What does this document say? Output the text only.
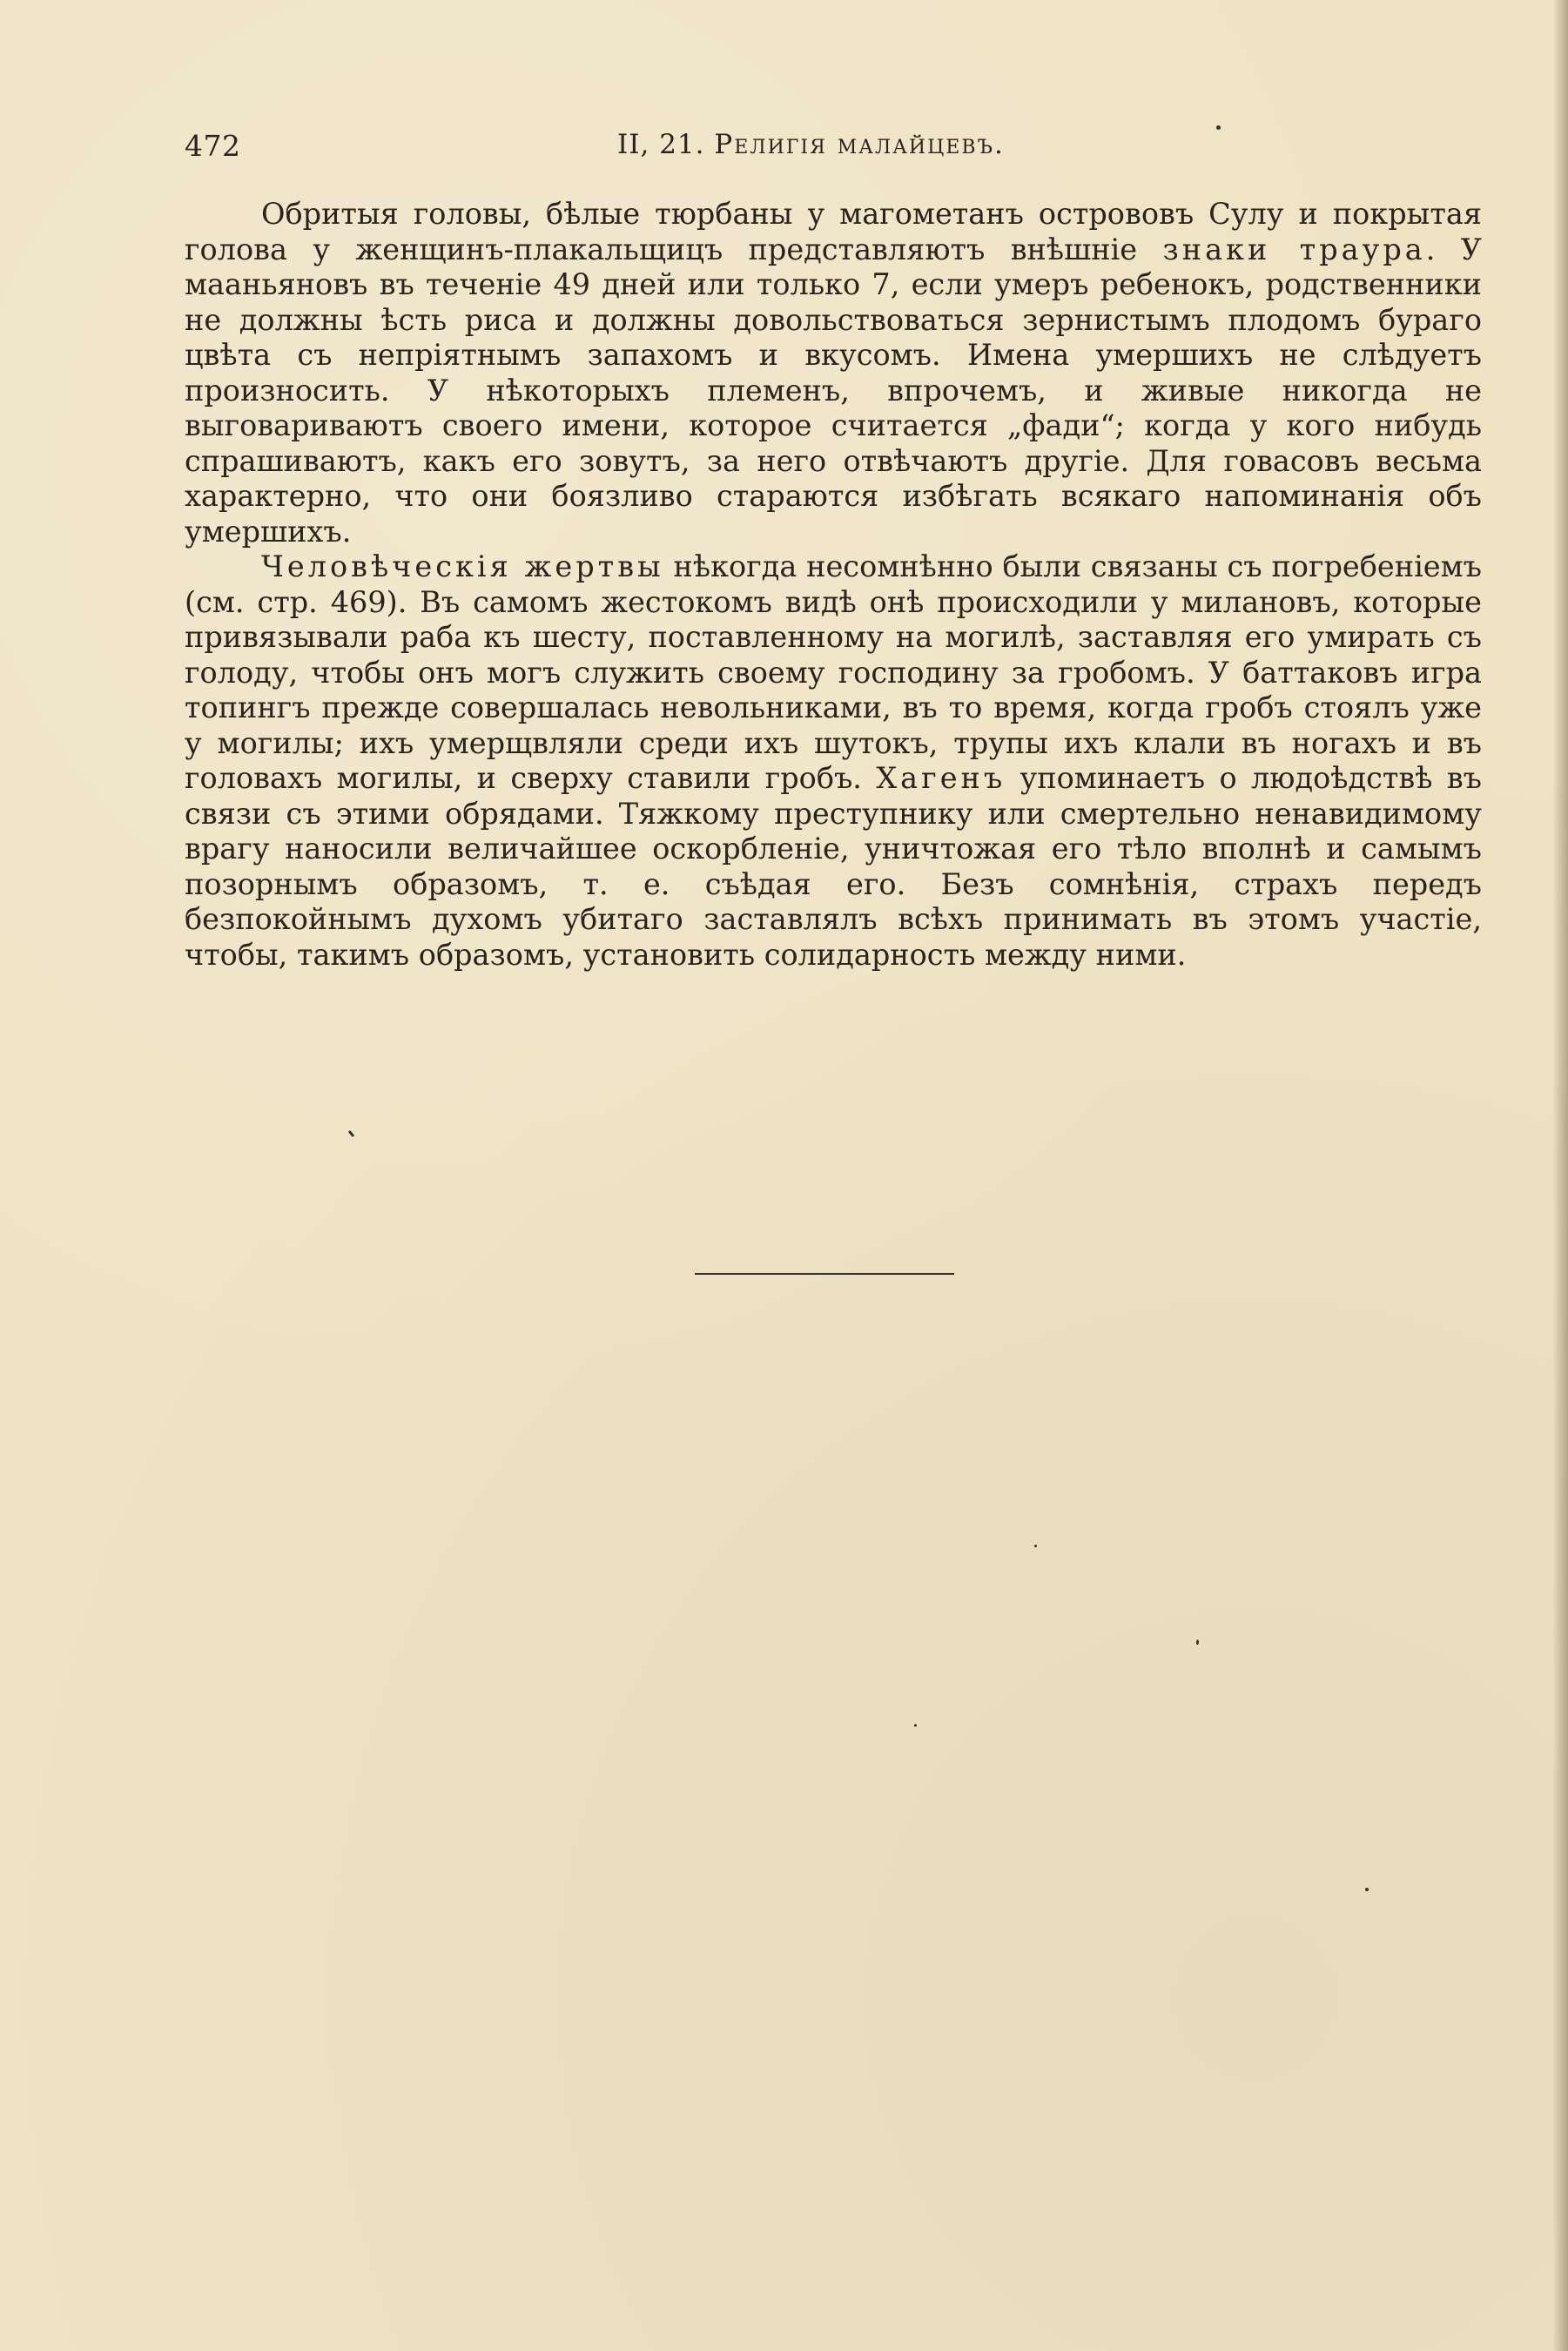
472	II, 21. Религія малайцевъ.

Обритыя головы, бѣлые тюрбаны у магометанъ острововъ Сулу и покрытая голова у женщинъ-плакальщицъ представляютъ внѣшніе знаки траура. У мааньяновъ въ теченіе 49 дней или только 7, если умеръ ребенокъ, родственники не должны ѣсть риса и должны довольствоваться зернистымъ плодомъ бураго цвѣта съ непріятнымъ запахомъ и вкусомъ. Имена умершихъ не слѣдуетъ произносить. У нѣкоторыхъ племенъ, впрочемъ, и живые никогда не выговариваютъ своего имени, которое считается „фади“; когда у кого нибудь спрашиваютъ, какъ его зовутъ, за него отвѣчаютъ другіе. Для говасовъ весьма характерно, что они боязливо стараются избѣгать всякаго напоминанія объ умершихъ.

Человѣческія жертвы нѣкогда несомнѣнно были связаны съ погребеніемъ (см. стр. 469). Въ самомъ жестокомъ видѣ онѣ происходили у милановъ, которые привязывали раба къ шесту, поставленному на могилѣ, заставляя его умирать съ голоду, чтобы онъ могъ служить своему господину за гробомъ. У баттаковъ игра топингъ прежде совершалась невольниками, въ то время, когда гробъ стоялъ уже у могилы; ихъ умерщвляли среди ихъ шутокъ, трупы ихъ клали въ ногахъ и въ головахъ могилы, и сверху ставили гробъ. Хагенъ упоминаетъ о людоѣдствѣ въ связи съ этими обрядами. Тяжкому преступнику или смертельно ненавидимому врагу наносили величайшее оскорбленіе, уничтожая его тѣло вполнѣ и самымъ позорнымъ образомъ, т. е. съѣдая его. Безъ сомнѣнія, страхъ передъ безпокойнымъ духомъ убитаго заставлялъ всѣхъ принимать въ этомъ участіе, чтобы, такимъ образомъ, установить солидарность между ними.
